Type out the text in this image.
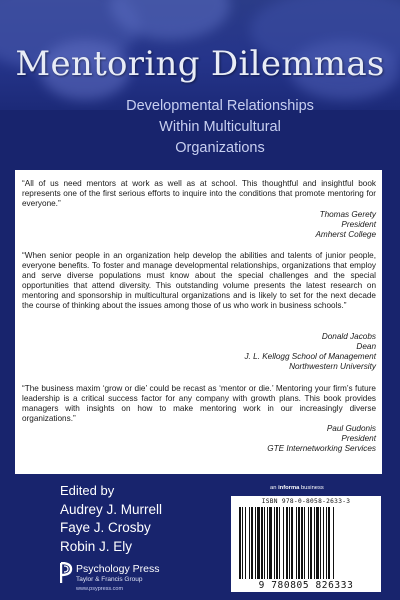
Mentoring Dilemmas
Developmental Relationships
Within Multicultural
Organizations
“All of us need mentors at work as well as at school. This thoughtful and insightful book represents one of the first serious efforts to inquire into the conditions that promote mentoring for everyone.”
Thomas Gerety
President
Amherst College
“When senior people in an organization help develop the abilities and talents of junior people, everyone benefits. To foster and manage developmental relationships, organizations that employ and serve diverse populations must know about the special challenges and the special opportunities that attend diversity. This outstanding volume presents the latest research on mentoring and sponsorship in multicultural organizations and is likely to set for the next decade the course of thinking about the issues among those of us who work in business schools.”
Donald Jacobs
Dean
J. L. Kellogg School of Management
Northwestern University
“The business maxim ‘grow or die’ could be recast as ‘mentor or die.’ Mentoring your firm’s future leadership is a critical success factor for any company with growth plans. This book provides managers with insights on how to make mentoring work in our increasingly diverse organizations.”
Paul Gudonis
President
GTE Internetworking Services
Edited by
Audrey J. Murrell
Faye J. Crosby
Robin J. Ely
Psychology Press
Taylor & Francis Group
www.psypress.com
an informa business
ISBN 978-0-8058-2633-3
9 780805 826333
